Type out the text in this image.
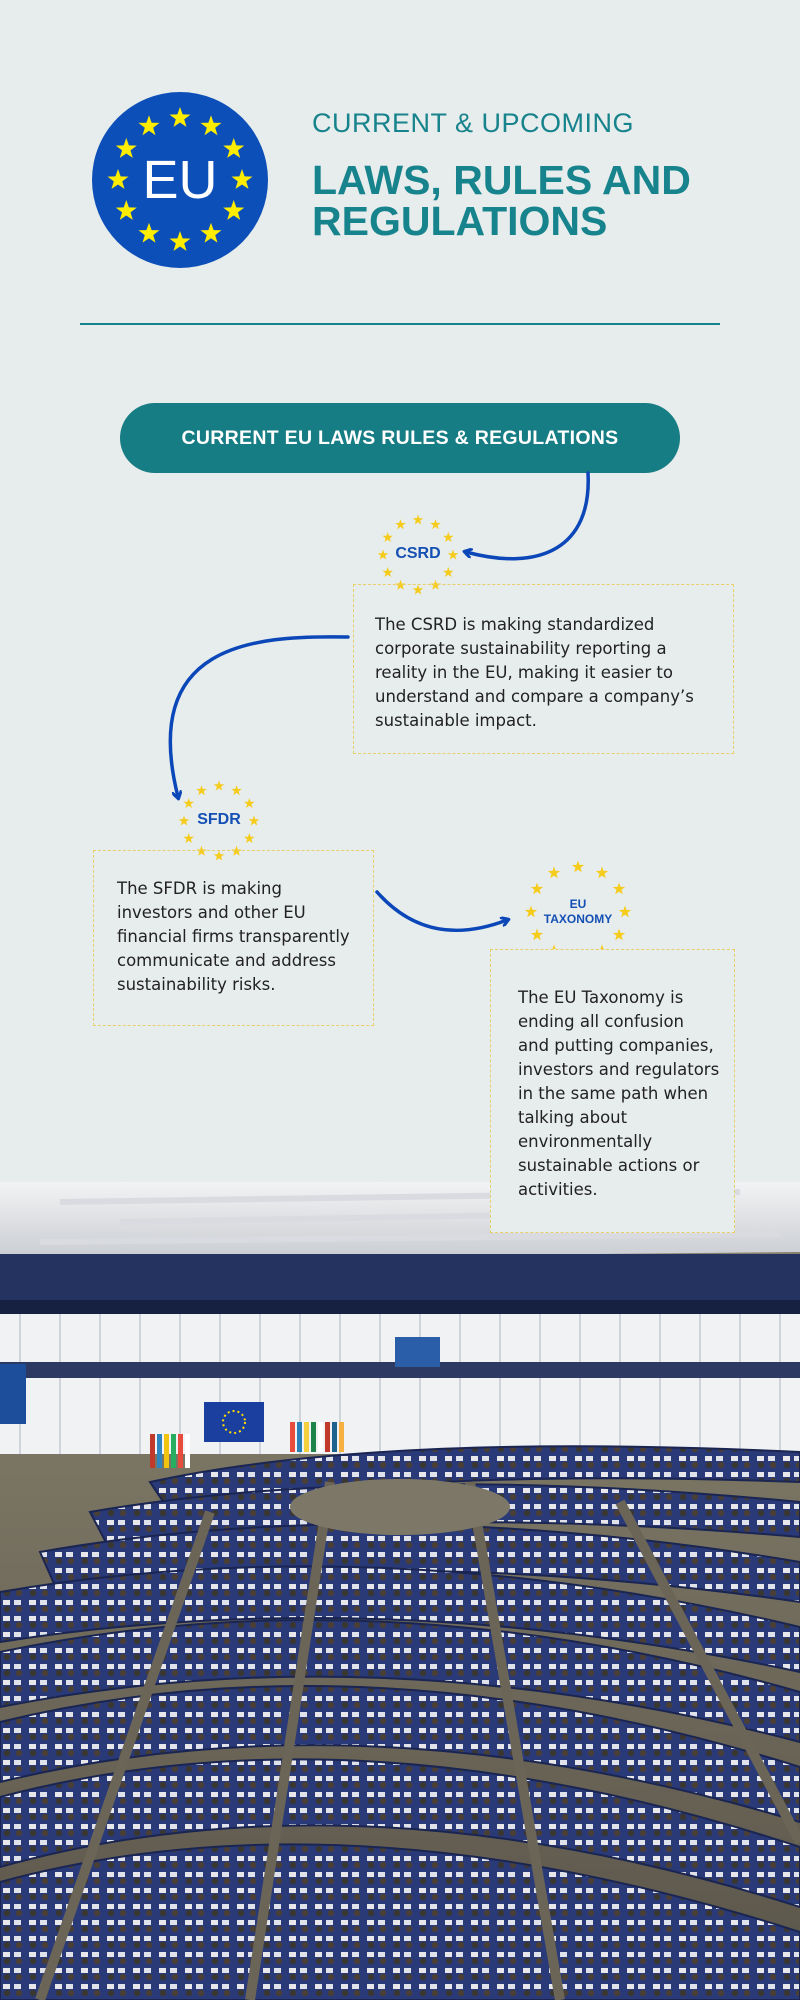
EU
CURRENT & UPCOMING
LAWS, RULES AND REGULATIONS
CURRENT EU LAWS RULES & REGULATIONS
CSRD

The CSRD is making standardized corporate sustainability reporting a reality in the EU, making it easier to understand and compare a company’s sustainable impact.

SFDR

The SFDR is making investors and other EU financial firms transparently communicate and address sustainability risks.

EU
TAXONOMY

The EU Taxonomy is ending all confusion and putting companies, investors and regulators in the same path when talking about environmentally sustainable actions or activities.
